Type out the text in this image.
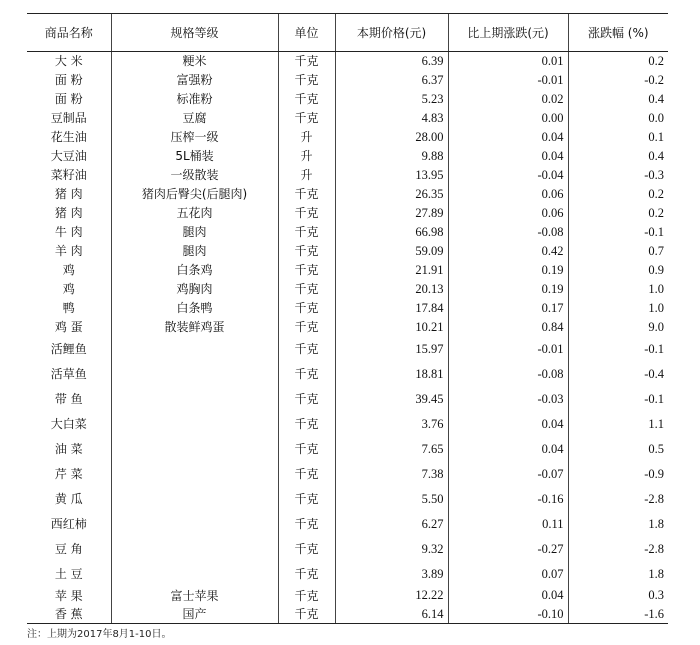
商品名称	规格等级	单位	本期价格(元)	比上期涨跌(元)	涨跌幅 (%)
大 米	粳米	千克	6.39	0.01	0.2
面 粉	富强粉	千克	6.37	-0.01	-0.2
面 粉	标准粉	千克	5.23	0.02	0.4
豆制品	豆腐	千克	4.83	0.00	0.0
花生油	压榨一级	升	28.00	0.04	0.1
大豆油	5L桶装	升	9.88	0.04	0.4
菜籽油	一级散装	升	13.95	-0.04	-0.3
猪 肉	猪肉后臀尖(后腿肉)	千克	26.35	0.06	0.2
猪 肉	五花肉	千克	27.89	0.06	0.2
牛 肉	腿肉	千克	66.98	-0.08	-0.1
羊 肉	腿肉	千克	59.09	0.42	0.7
鸡	白条鸡	千克	21.91	0.19	0.9
鸡	鸡胸肉	千克	20.13	0.19	1.0
鸭	白条鸭	千克	17.84	0.17	1.0
鸡 蛋	散装鲜鸡蛋	千克	10.21	0.84	9.0
活鲤鱼		千克	15.97	-0.01	-0.1
活草鱼		千克	18.81	-0.08	-0.4
带 鱼		千克	39.45	-0.03	-0.1
大白菜		千克	3.76	0.04	1.1
油 菜		千克	7.65	0.04	0.5
芹 菜		千克	7.38	-0.07	-0.9
黄 瓜		千克	5.50	-0.16	-2.8
西红柿		千克	6.27	0.11	1.8
豆 角		千克	9.32	-0.27	-2.8
土 豆		千克	3.89	0.07	1.8
苹 果	富士苹果	千克	12.22	0.04	0.3
香 蕉	国产	千克	6.14	-0.10	-1.6
注：上期为2017年8月1-10日。
